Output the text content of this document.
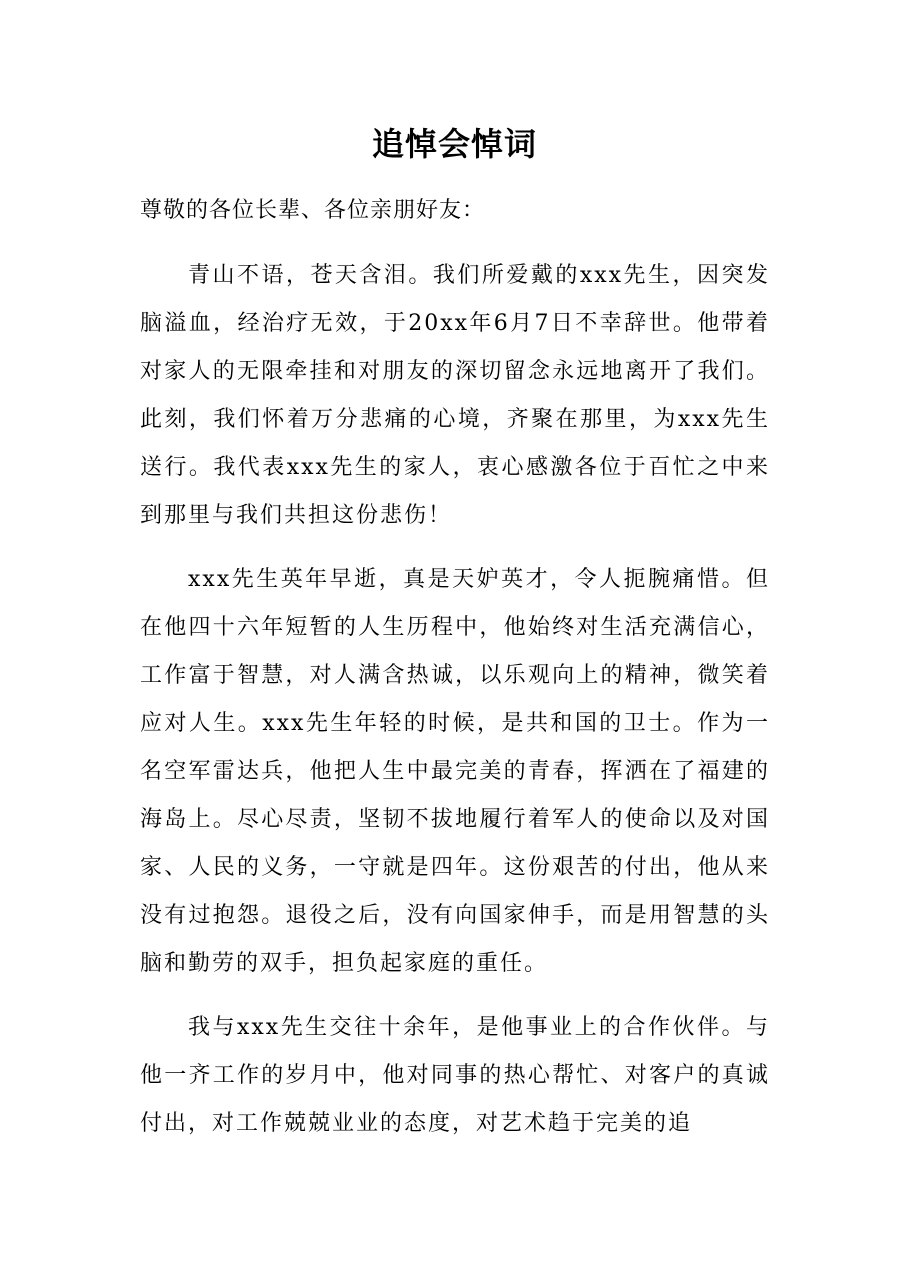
追悼会悼词
尊敬的各位长辈、各位亲朋好友：

青山不语，苍天含泪。我们所爱戴的xxx先生，因突发脑溢血，经治疗无效，于20xx年6月7日不幸辞世。他带着对家人的无限牵挂和对朋友的深切留念永远地离开了我们。此刻，我们怀着万分悲痛的心境，齐聚在那里，为xxx先生送行。我代表xxx先生的家人，衷心感激各位于百忙之中来到那里与我们共担这份悲伤！

xxx先生英年早逝，真是天妒英才，令人扼腕痛惜。但在他四十六年短暂的人生历程中，他始终对生活充满信心，工作富于智慧，对人满含热诚，以乐观向上的精神，微笑着应对人生。xxx先生年轻的时候，是共和国的卫士。作为一名空军雷达兵，他把人生中最完美的青春，挥洒在了福建的海岛上。尽心尽责，坚韧不拔地履行着军人的使命以及对国家、人民的义务，一守就是四年。这份艰苦的付出，他从来没有过抱怨。退役之后，没有向国家伸手，而是用智慧的头脑和勤劳的双手，担负起家庭的重任。

我与xxx先生交往十余年，是他事业上的合作伙伴。与他一齐工作的岁月中，他对同事的热心帮忙、对客户的真诚付出，对工作兢兢业业的态度，对艺术趋于完美的追
